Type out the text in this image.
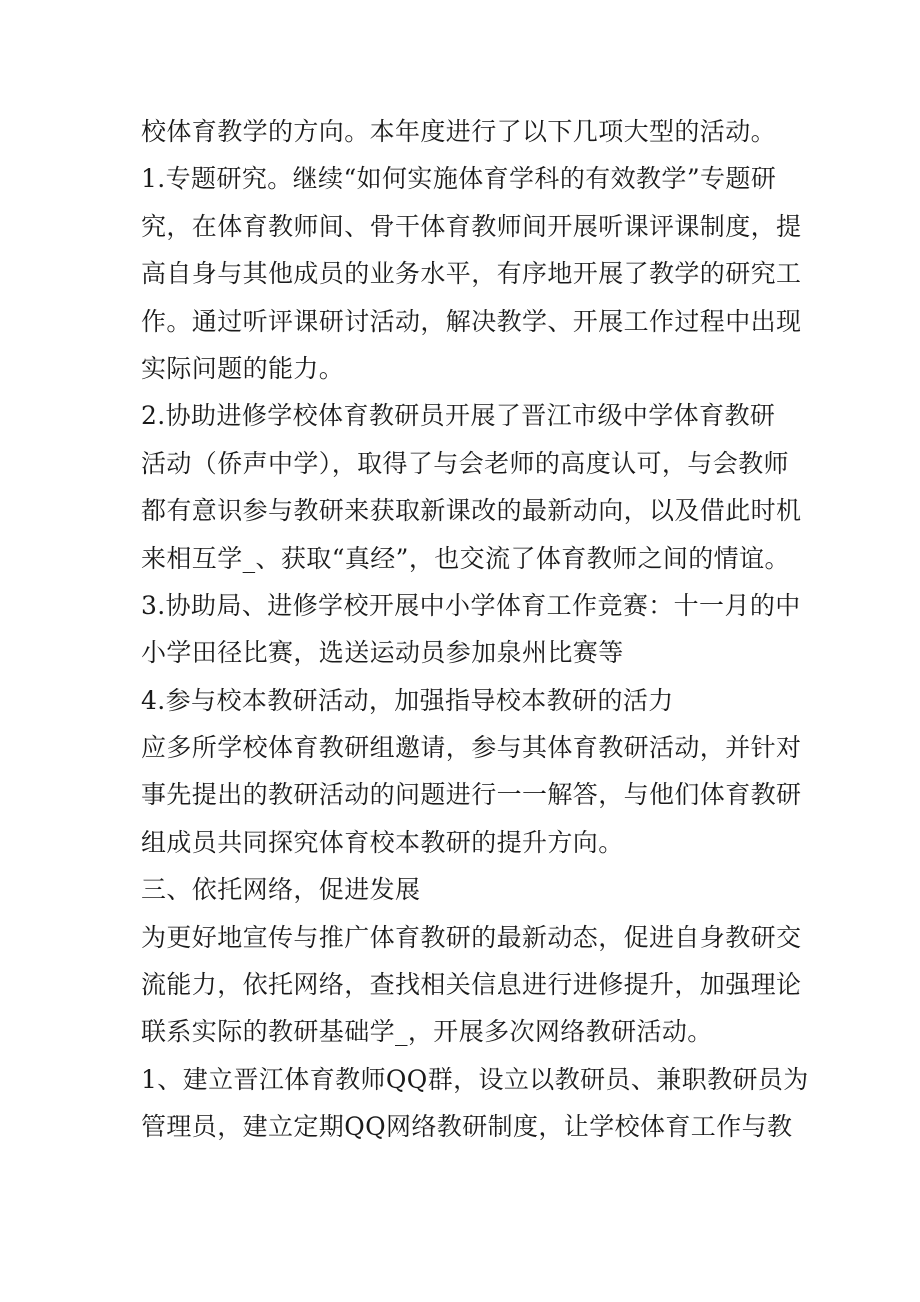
校体育教学的方向。本年度进行了以下几项大型的活动。
1.专题研究。继续“如何实施体育学科的有效教学”专题研
究，在体育教师间、骨干体育教师间开展听课评课制度，提
高自身与其他成员的业务水平，有序地开展了教学的研究工
作。通过听评课研讨活动，解决教学、开展工作过程中出现
实际问题的能力。
2.协助进修学校体育教研员开展了晋江市级中学体育教研
活动（侨声中学），取得了与会老师的高度认可，与会教师
都有意识参与教研来获取新课改的最新动向，以及借此时机
来相互学_、获取“真经”，也交流了体育教师之间的情谊。
3.协助局、进修学校开展中小学体育工作竞赛：十一月的中
小学田径比赛，选送运动员参加泉州比赛等
4.参与校本教研活动，加强指导校本教研的活力
应多所学校体育教研组邀请，参与其体育教研活动，并针对
事先提出的教研活动的问题进行一一解答，与他们体育教研
组成员共同探究体育校本教研的提升方向。
三、依托网络，促进发展
为更好地宣传与推广体育教研的最新动态，促进自身教研交
流能力，依托网络，查找相关信息进行进修提升，加强理论
联系实际的教研基础学_，开展多次网络教研活动。
1、建立晋江体育教师QQ群，设立以教研员、兼职教研员为
管理员，建立定期QQ网络教研制度，让学校体育工作与教
